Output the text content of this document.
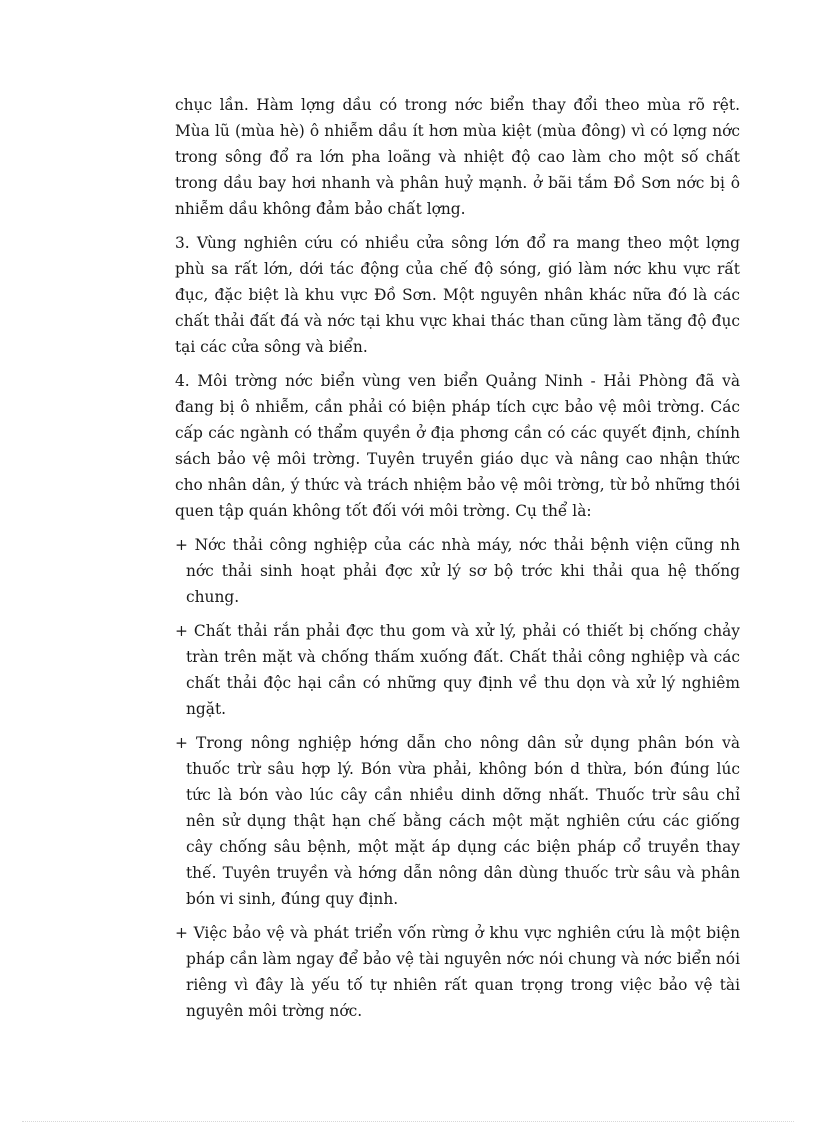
chục lần. Hàm lợng dầu có trong nớc biển thay đổi theo mùa rõ rệt. Mùa lũ (mùa hè) ô nhiễm dầu ít hơn mùa kiệt (mùa đông) vì có lợng nớc trong sông đổ ra lớn pha loãng và nhiệt độ cao làm cho một số chất trong dầu bay hơi nhanh và phân huỷ mạnh. ở bãi tắm Đồ Sơn nớc bị ô nhiễm dầu không đảm bảo chất lợng.

3. Vùng nghiên cứu có nhiều cửa sông lớn đổ ra mang theo một lợng phù sa rất lớn, dới tác động của chế độ sóng, gió làm nớc khu vực rất đục, đặc biệt là khu vực Đồ Sơn. Một nguyên nhân khác nữa đó là các chất thải đất đá và nớc tại khu vực khai thác than cũng làm tăng độ đục tại các cửa sông và biển.

4. Môi trờng nớc biển vùng ven biển Quảng Ninh - Hải Phòng đã và đang bị ô nhiễm, cần phải có biện pháp tích cực bảo vệ môi trờng. Các cấp các ngành có thẩm quyền ở địa phơng cần có các quyết định, chính sách bảo vệ môi trờng. Tuyên truyền giáo dục và nâng cao nhận thức cho nhân dân, ý thức và trách nhiệm bảo vệ môi trờng, từ bỏ những thói quen tập quán không tốt đối với môi trờng. Cụ thể là:

+ Nớc thải công nghiệp của các nhà máy, nớc thải bệnh viện cũng nh nớc thải sinh hoạt phải đợc xử lý sơ bộ trớc khi thải qua hệ thống chung.

+ Chất thải rắn phải đợc thu gom và xử lý, phải có thiết bị chống chảy tràn trên mặt và chống thấm xuống đất. Chất thải công nghiệp và các chất thải độc hại cần có những quy định về thu dọn và xử lý nghiêm ngặt.

+ Trong nông nghiệp hớng dẫn cho nông dân sử dụng phân bón và thuốc trừ sâu hợp lý. Bón vừa phải, không bón d thừa, bón đúng lúc tức là bón vào lúc cây cần nhiều dinh dỡng nhất. Thuốc trừ sâu chỉ nên sử dụng thật hạn chế bằng cách một mặt nghiên cứu các giống cây chống sâu bệnh, một mặt áp dụng các biện pháp cổ truyền thay thế. Tuyên truyền và hớng dẫn nông dân dùng thuốc trừ sâu và phân bón vi sinh, đúng quy định.

+ Việc bảo vệ và phát triển vốn rừng ở khu vực nghiên cứu là một biện pháp cần làm ngay để bảo vệ tài nguyên nớc nói chung và nớc biển nói riêng vì đây là yếu tố tự nhiên rất quan trọng trong việc bảo vệ tài nguyên môi trờng nớc.
